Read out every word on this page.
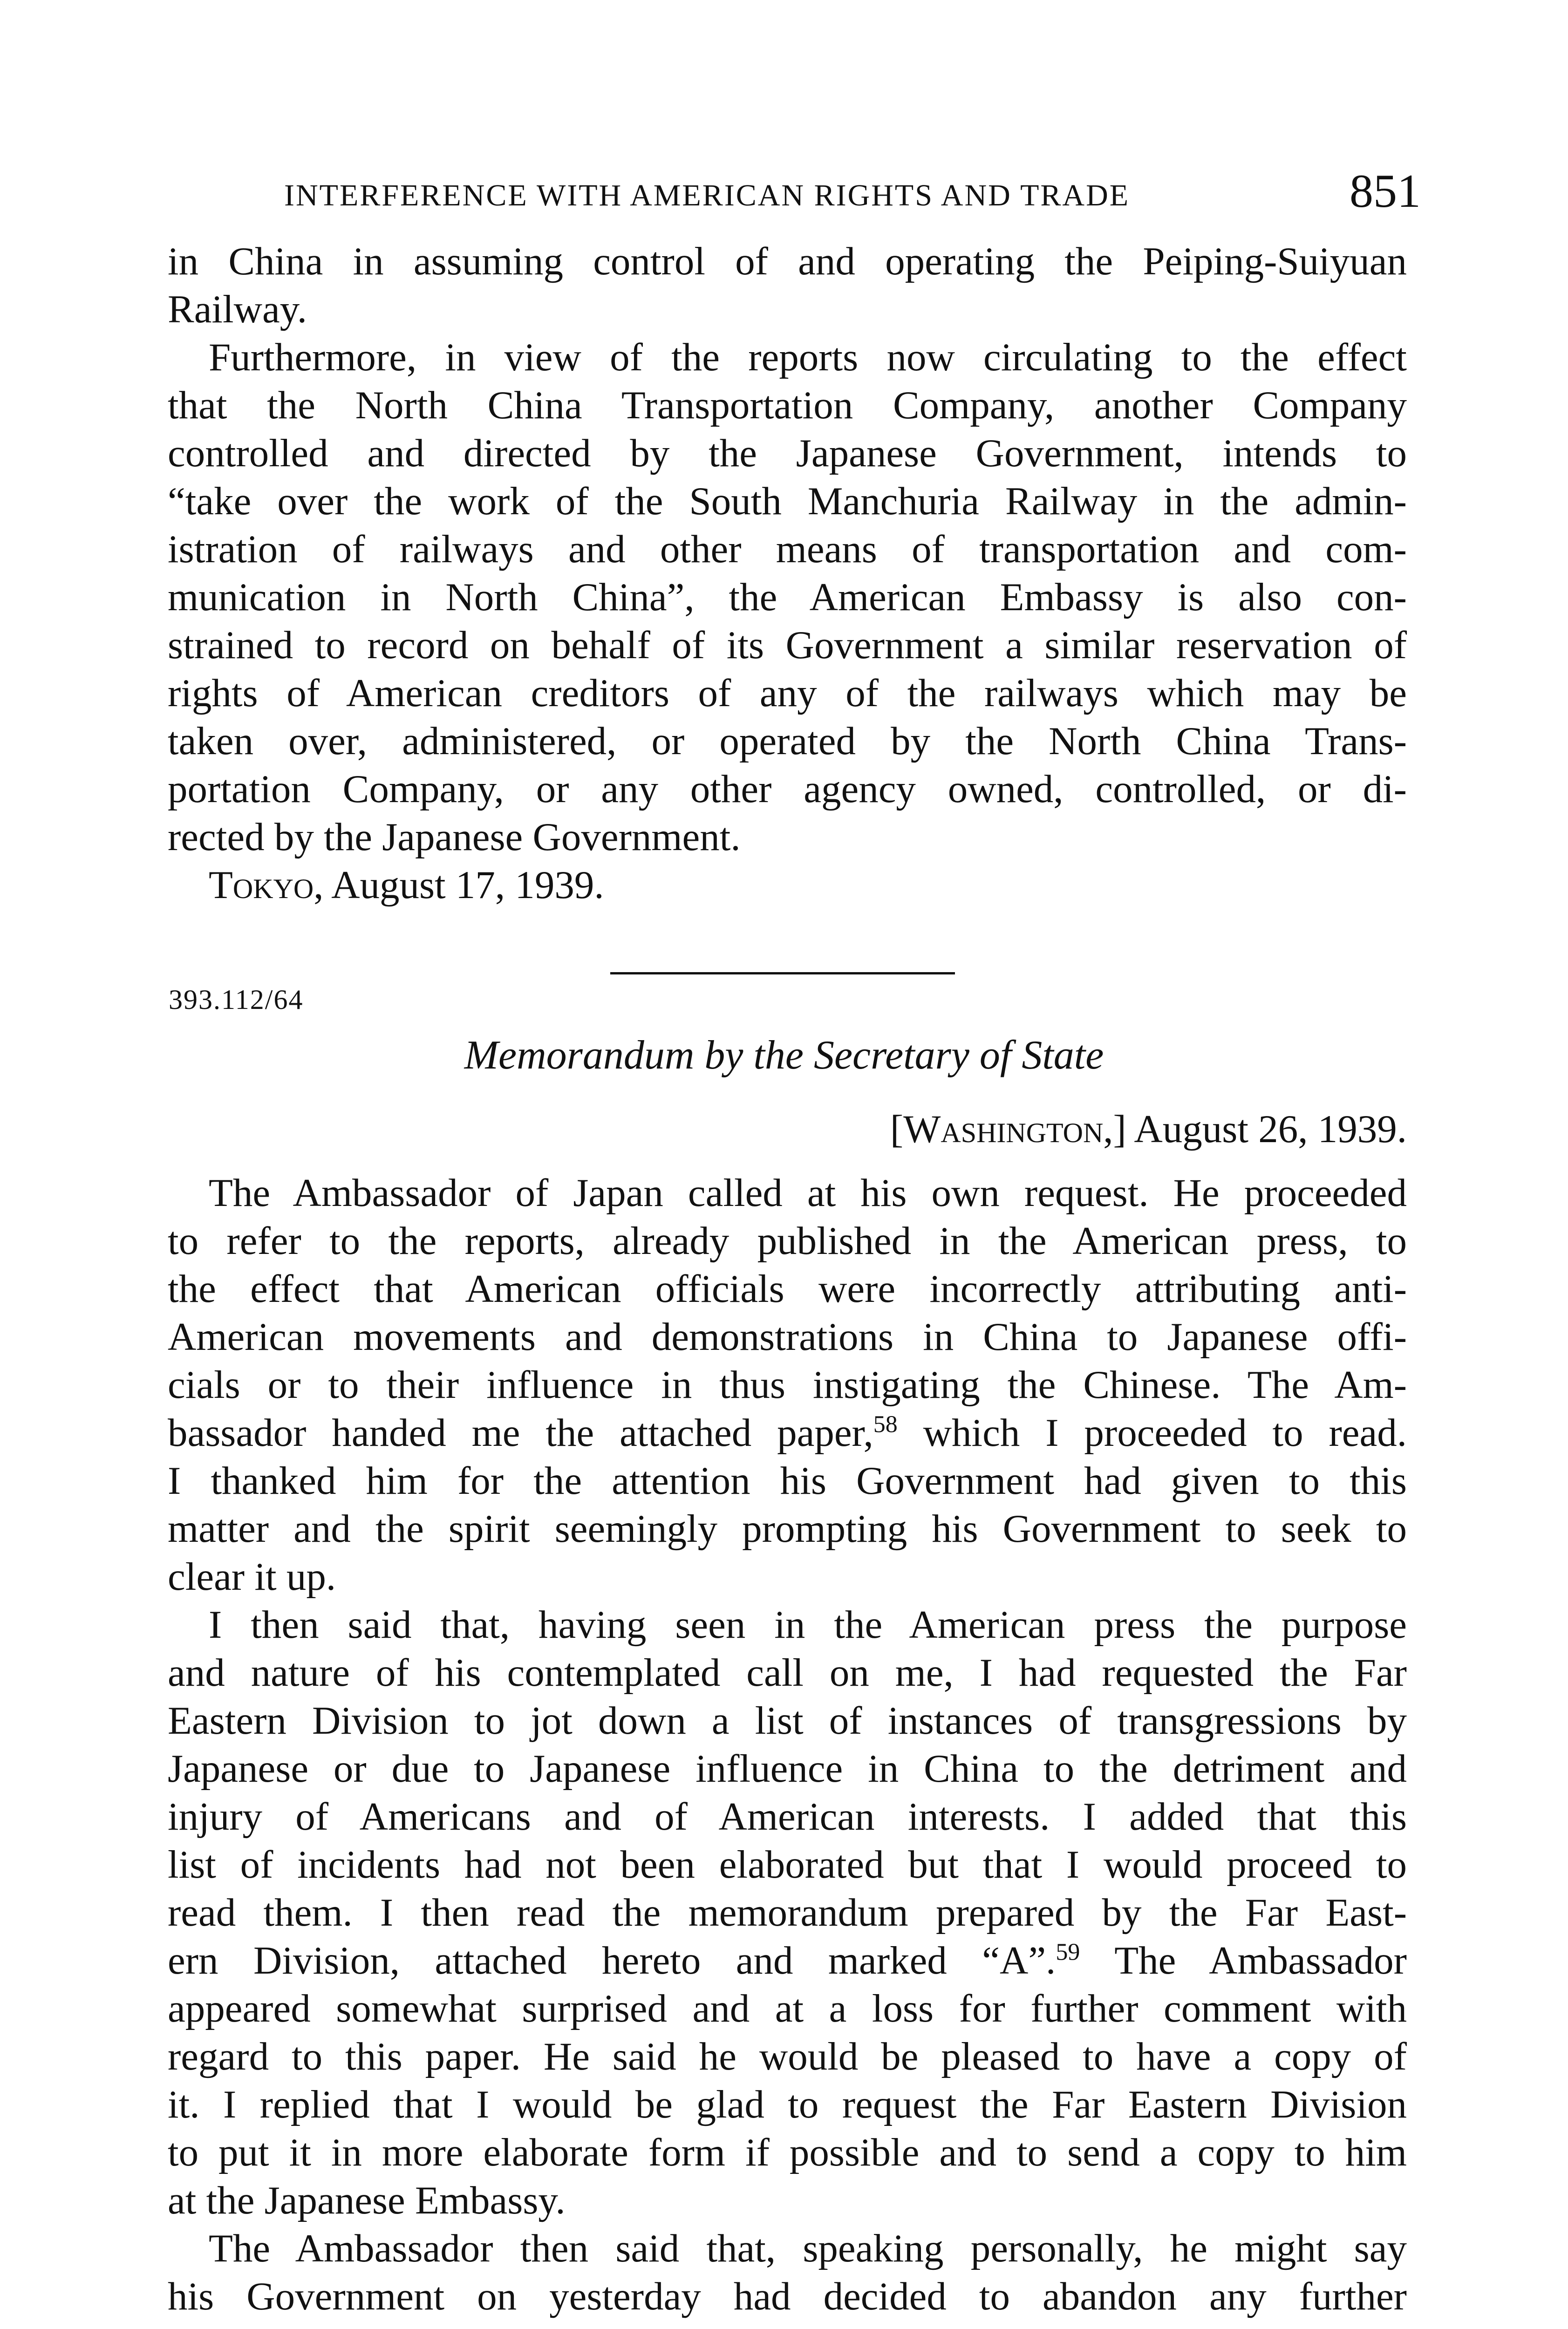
INTERFERENCE WITH AMERICAN RIGHTS AND TRADE	851
in China in assuming control of and operating the Peiping-Suiyuan
Railway.
Furthermore, in view of the reports now circulating to the effect
that the North China Transportation Company, another Company
controlled and directed by the Japanese Government, intends to
“take over the work of the South Manchuria Railway in the admin-
istration of railways and other means of transportation and com-
munication in North China”, the American Embassy is also con-
strained to record on behalf of its Government a similar reservation of
rights of American creditors of any of the railways which may be
taken over, administered, or operated by the North China Trans-
portation Company, or any other agency owned, controlled, or di-
rected by the Japanese Government.
Tokyo, August 17, 1939.
393.112/64
Memorandum by the Secretary of State
[Washington,] August 26, 1939.
The Ambassador of Japan called at his own request. He proceeded
to refer to the reports, already published in the American press, to
the effect that American officials were incorrectly attributing anti-
American movements and demonstrations in China to Japanese offi-
cials or to their influence in thus instigating the Chinese. The Am-
bassador handed me the attached paper,$^{58}$ which I proceeded to read.
I thanked him for the attention his Government had given to this
matter and the spirit seemingly prompting his Government to seek to
clear it up.
I then said that, having seen in the American press the purpose
and nature of his contemplated call on me, I had requested the Far
Eastern Division to jot down a list of instances of transgressions by
Japanese or due to Japanese influence in China to the detriment and
injury of Americans and of American interests. I added that this
list of incidents had not been elaborated but that I would proceed to
read them. I then read the memorandum prepared by the Far East-
ern Division, attached hereto and marked “A”.$^{59}$ The Ambassador
appeared somewhat surprised and at a loss for further comment with
regard to this paper. He said he would be pleased to have a copy of
it. I replied that I would be glad to request the Far Eastern Division
to put it in more elaborate form if possible and to send a copy to him
at the Japanese Embassy.
The Ambassador then said that, speaking personally, he might say
his Government on yesterday had decided to abandon any further
